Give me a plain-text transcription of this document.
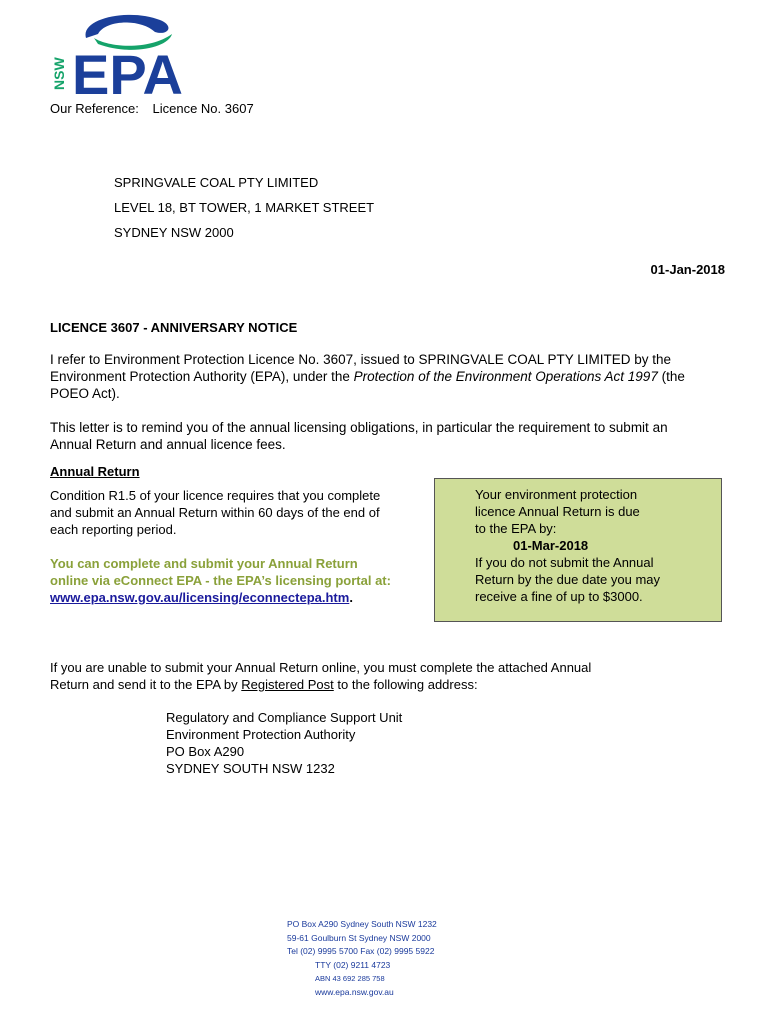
NSW EPA
Our Reference: Licence No. 3607
SPRINGVALE COAL PTY LIMITED
LEVEL 18, BT TOWER, 1 MARKET STREET
SYDNEY NSW 2000
01-Jan-2018
LICENCE 3607 - ANNIVERSARY NOTICE
I refer to Environment Protection Licence No. 3607, issued to SPRINGVALE COAL PTY LIMITED by the
Environment Protection Authority (EPA), under the Protection of the Environment Operations Act 1997 (the
POEO Act).
This letter is to remind you of the annual licensing obligations, in particular the requirement to submit an
Annual Return and annual licence fees.
Annual Return
Condition R1.5 of your licence requires that you complete
and submit an Annual Return within 60 days of the end of
each reporting period.
You can complete and submit your Annual Return
online via eConnect EPA - the EPA’s licensing portal at:
www.epa.nsw.gov.au/licensing/econnectepa.htm.
Your environment protection
licence Annual Return is due
to the EPA by:
01-Mar-2018
If you do not submit the Annual
Return by the due date you may
receive a fine of up to $3000.
If you are unable to submit your Annual Return online, you must complete the attached Annual
Return and send it to the EPA by Registered Post to the following address:
Regulatory and Compliance Support Unit
Environment Protection Authority
PO Box A290
SYDNEY SOUTH NSW 1232
PO Box A290 Sydney South NSW 1232
59-61 Goulburn St Sydney NSW 2000
Tel (02) 9995 5700 Fax (02) 9995 5922
TTY (02) 9211 4723
ABN 43 692 285 758
www.epa.nsw.gov.au
